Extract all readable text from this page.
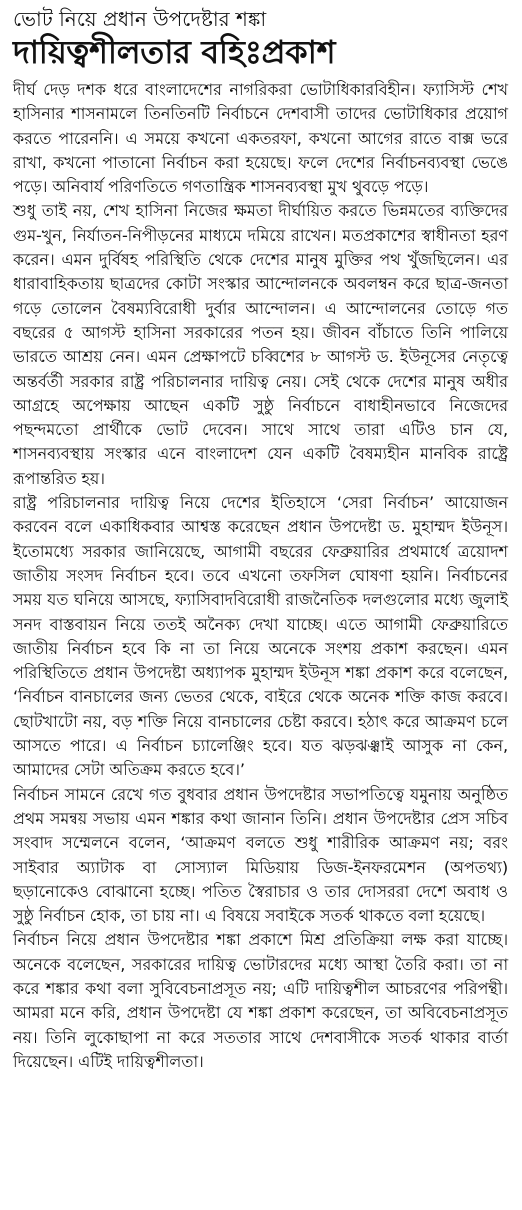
ভোট নিয়ে প্রধান উপদেষ্টার শঙ্কা
দায়িত্বশীলতার বহিঃপ্রকাশ

দীর্ঘ দেড় দশক ধরে বাংলাদেশের নাগরিকরা ভোটাধিকারবিহীন। ফ্যাসিস্ট শেখ হাসিনার শাসনামলে তিনতিনটি নির্বাচনে দেশবাসী তাদের ভোটাধিকার প্রয়োগ করতে পারেননি। এ সময়ে কখনো একতরফা, কখনো আগের রাতে বাক্স ভরে রাখা, কখনো পাতানো নির্বাচন করা হয়েছে। ফলে দেশের নির্বাচনব্যবস্থা ভেঙে পড়ে। অনিবার্য পরিণতিতে গণতান্ত্রিক শাসনব্যবস্থা মুখ থুবড়ে পড়ে।

শুধু তাই নয়, শেখ হাসিনা নিজের ক্ষমতা দীর্ঘায়িত করতে ভিন্নমতের ব্যক্তিদের গুম-খুন, নির্যাতন-নিপীড়নের মাধ্যমে দমিয়ে রাখেন। মতপ্রকাশের স্বাধীনতা হরণ করেন। এমন দুর্বিষহ পরিস্থিতি থেকে দেশের মানুষ মুক্তির পথ খুঁজছিলেন। এর ধারাবাহিকতায় ছাত্রদের কোটা সংস্কার আন্দোলনকে অবলম্বন করে ছাত্র-জনতা গড়ে তোলেন বৈষম্যবিরোধী দুর্বার আন্দোলন। এ আন্দোলনের তোড়ে গত বছরের ৫ আগস্ট হাসিনা সরকারের পতন হয়। জীবন বাঁচাতে তিনি পালিয়ে ভারতে আশ্রয় নেন। এমন প্রেক্ষাপটে চব্বিশের ৮ আগস্ট ড. ইউনূসের নেতৃত্বে অন্তর্বর্তী সরকার রাষ্ট্র পরিচালনার দায়িত্ব নেয়। সেই থেকে দেশের মানুষ অধীর আগ্রহে অপেক্ষায় আছেন একটি সুষ্ঠু নির্বাচনে বাধাহীনভাবে নিজেদের পছন্দমতো প্রার্থীকে ভোট দেবেন। সাথে সাথে তারা এটিও চান যে, শাসনব্যবস্থায় সংস্কার এনে বাংলাদেশ যেন একটি বৈষম্যহীন মানবিক রাষ্ট্রে রূপান্তরিত হয়।

রাষ্ট্র পরিচালনার দায়িত্ব নিয়ে দেশের ইতিহাসে ‘সেরা নির্বাচন’ আয়োজন করবেন বলে একাধিকবার আশ্বস্ত করেছেন প্রধান উপদেষ্টা ড. মুহাম্মদ ইউনূস। ইতোমধ্যে সরকার জানিয়েছে, আগামী বছরের ফেব্রুয়ারির প্রথমার্ধে ত্রয়োদশ জাতীয় সংসদ নির্বাচন হবে। তবে এখনো তফসিল ঘোষণা হয়নি। নির্বাচনের সময় যত ঘনিয়ে আসছে, ফ্যাসিবাদবিরোধী রাজনৈতিক দলগুলোর মধ্যে জুলাই সনদ বাস্তবায়ন নিয়ে ততই অনৈক্য দেখা যাচ্ছে। এতে আগামী ফেব্রুয়ারিতে জাতীয় নির্বাচন হবে কি না তা নিয়ে অনেকে সংশয় প্রকাশ করছেন। এমন পরিস্থিতিতে প্রধান উপদেষ্টা অধ্যাপক মুহাম্মদ ইউনূস শঙ্কা প্রকাশ করে বলেছেন, ‘নির্বাচন বানচালের জন্য ভেতর থেকে, বাইরে থেকে অনেক শক্তি কাজ করবে। ছোটখাটো নয়, বড় শক্তি নিয়ে বানচালের চেষ্টা করবে। হঠাৎ করে আক্রমণ চলে আসতে পারে। এ নির্বাচন চ্যালেঞ্জিং হবে। যত ঝড়ঝঞ্ঝাই আসুক না কেন, আমাদের সেটা অতিক্রম করতে হবে।’

নির্বাচন সামনে রেখে গত বুধবার প্রধান উপদেষ্টার সভাপতিত্বে যমুনায় অনুষ্ঠিত প্রথম সমন্বয় সভায় এমন শঙ্কার কথা জানান তিনি। প্রধান উপদেষ্টার প্রেস সচিব সংবাদ সম্মেলনে বলেন, ‘আক্রমণ বলতে শুধু শারীরিক আক্রমণ নয়; বরং সাইবার অ্যাটাক বা সোস্যাল মিডিয়ায় ডিজ-ইনফরমেশন (অপতথ্য) ছড়ানোকেও বোঝানো হচ্ছে। পতিত স্বৈরাচার ও তার দোসররা দেশে অবাধ ও সুষ্ঠু নির্বাচন হোক, তা চায় না। এ বিষয়ে সবাইকে সতর্ক থাকতে বলা হয়েছে।

নির্বাচন নিয়ে প্রধান উপদেষ্টার শঙ্কা প্রকাশে মিশ্র প্রতিক্রিয়া লক্ষ করা যাচ্ছে। অনেকে বলেছেন, সরকারের দায়িত্ব ভোটারদের মধ্যে আস্থা তৈরি করা। তা না করে শঙ্কার কথা বলা সুবিবেচনাপ্রসূত নয়; এটি দায়িত্বশীল আচরণের পরিপন্থী। আমরা মনে করি, প্রধান উপদেষ্টা যে শঙ্কা প্রকাশ করেছেন, তা অবিবেচনাপ্রসূত নয়। তিনি লুকোছাপা না করে সততার সাথে দেশবাসীকে সতর্ক থাকার বার্তা দিয়েছেন। এটিই দায়িত্বশীলতা।
